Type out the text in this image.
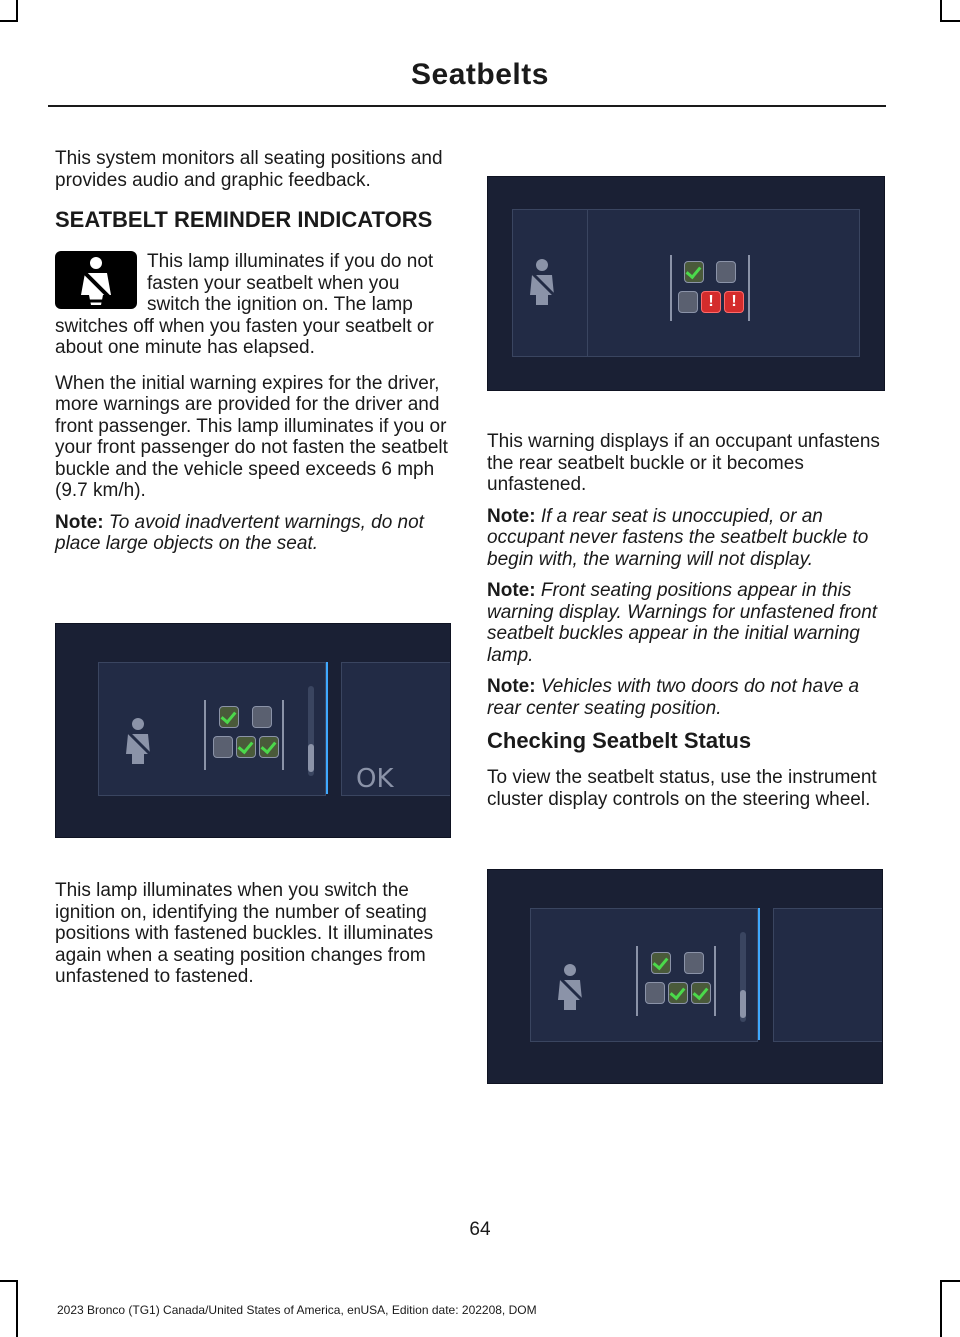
Seatbelts

This system monitors all seating positions and provides audio and graphic feedback.

SEATBELT REMINDER INDICATORS

This lamp illuminates if you do not fasten your seatbelt when you switch the ignition on. The lamp switches off when you fasten your seatbelt or about one minute has elapsed.

When the initial warning expires for the driver, more warnings are provided for the driver and front passenger. This lamp illuminates if you or your front passenger do not fasten the seatbelt buckle and the vehicle speed exceeds 6 mph (9.7 km/h).

Note: To avoid inadvertent warnings, do not place large objects on the seat.

OK

This lamp illuminates when you switch the ignition on, identifying the number of seating positions with fastened buckles. It illuminates again when a seating position changes from unfastened to fastened.

!	!

This warning displays if an occupant unfastens the rear seatbelt buckle or it becomes unfastened.

Note: If a rear seat is unoccupied, or an occupant never fastens the seatbelt buckle to begin with, the warning will not display.

Note: Front seating positions appear in this warning display. Warnings for unfastened front seatbelt buckles appear in the initial warning lamp.

Note: Vehicles with two doors do not have a rear center seating position.

Checking Seatbelt Status

To view the seatbelt status, use the instrument cluster display controls on the steering wheel.

64
2023 Bronco (TG1) Canada/United States of America, enUSA, Edition date: 202208, DOM
